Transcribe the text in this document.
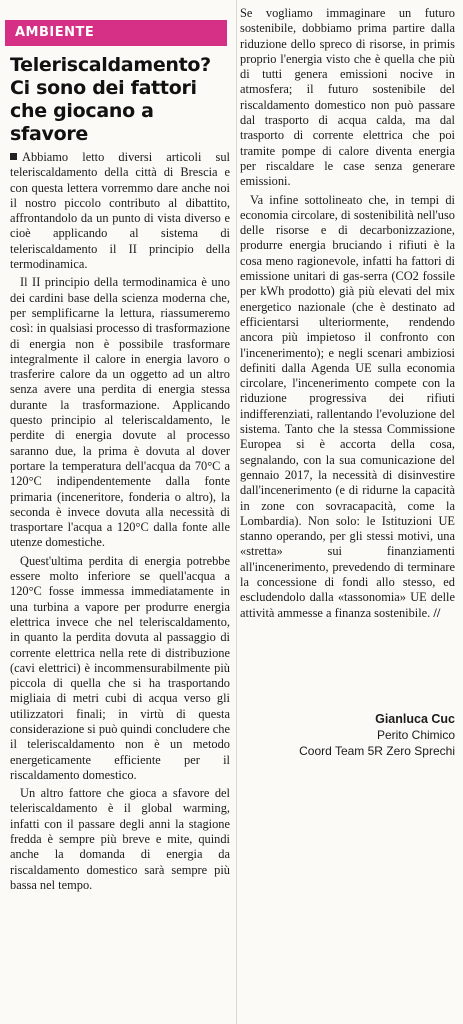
AMBIENTE
Teleriscaldamento? Ci sono dei fattori che giocano a sfavore

Abbiamo letto diversi articoli sul teleriscaldamento della città di Brescia e con questa lettera vorremmo dare anche noi il nostro piccolo contributo al dibattito, affrontandolo da un punto di vista diverso e cioè applicando al sistema di teleriscaldamento il II principio della termodinamica.

Il II principio della termodinamica è uno dei cardini base della scienza moderna che, per semplificarne la lettura, riassumeremo così: in qualsiasi processo di trasformazione di energia non è possibile trasformare integralmente il calore in energia lavoro o trasferire calore da un oggetto ad un altro senza avere una perdita di energia stessa durante la trasformazione. Applicando questo principio al teleriscaldamento, le perdite di energia dovute al processo saranno due, la prima è dovuta al dover portare la temperatura dell'acqua da 70°C a 120°C indipendentemente dalla fonte primaria (inceneritore, fonderia o altro), la seconda è invece dovuta alla necessità di trasportare l'acqua a 120°C dalla fonte alle utenze domestiche.

Quest'ultima perdita di energia potrebbe essere molto inferiore se quell'acqua a 120°C fosse immessa immediatamente in una turbina a vapore per produrre energia elettrica invece che nel teleriscaldamento, in quanto la perdita dovuta al passaggio di corrente elettrica nella rete di distribuzione (cavi elettrici) è incommensurabilmente più piccola di quella che si ha trasportando migliaia di metri cubi di acqua verso gli utilizzatori finali; in virtù di questa considerazione si può quindi concludere che il teleriscaldamento non è un metodo energeticamente efficiente per il riscaldamento domestico.

Un altro fattore che gioca a sfavore del teleriscaldamento è il global warming, infatti con il passare degli anni la stagione fredda è sempre più breve e mite, quindi anche la domanda di energia da riscaldamento domestico sarà sempre più bassa nel tempo.

Se vogliamo immaginare un futuro sostenibile, dobbiamo prima partire dalla riduzione dello spreco di risorse, in primis proprio l'energia visto che è quella che più di tutti genera emissioni nocive in atmosfera; il futuro sostenibile del riscaldamento domestico non può passare dal trasporto di acqua calda, ma dal trasporto di corrente elettrica che poi tramite pompe di calore diventa energia per riscaldare le case senza generare emissioni.

Va infine sottolineato che, in tempi di economia circolare, di sostenibilità nell'uso delle risorse e di decarbonizzazione, produrre energia bruciando i rifiuti è la cosa meno ragionevole, infatti ha fattori di emissione unitari di gas-serra (CO2 fossile per kWh prodotto) già più elevati del mix energetico nazionale (che è destinato ad efficientarsi ulteriormente, rendendo ancora più impietoso il confronto con l'incenerimento); e negli scenari ambiziosi definiti dalla Agenda UE sulla economia circolare, l'incenerimento compete con la riduzione progressiva dei rifiuti indifferenziati, rallentando l'evoluzione del sistema. Tanto che la stessa Commissione Europea si è accorta della cosa, segnalando, con la sua comunicazione del gennaio 2017, la necessità di disinvestire dall'incenerimento (e di ridurne la capacità in zone con sovracapacità, come la Lombardia). Non solo: le Istituzioni UE stanno operando, per gli stessi motivi, una «stretta» sui finanziamenti all'incenerimento, prevedendo di terminare la concessione di fondi allo stesso, ed escludendolo dalla «tassonomia» UE delle attività ammesse a finanza sostenibile. //

Gianluca Cuc
Perito Chimico
Coord Team 5R Zero Sprechi
